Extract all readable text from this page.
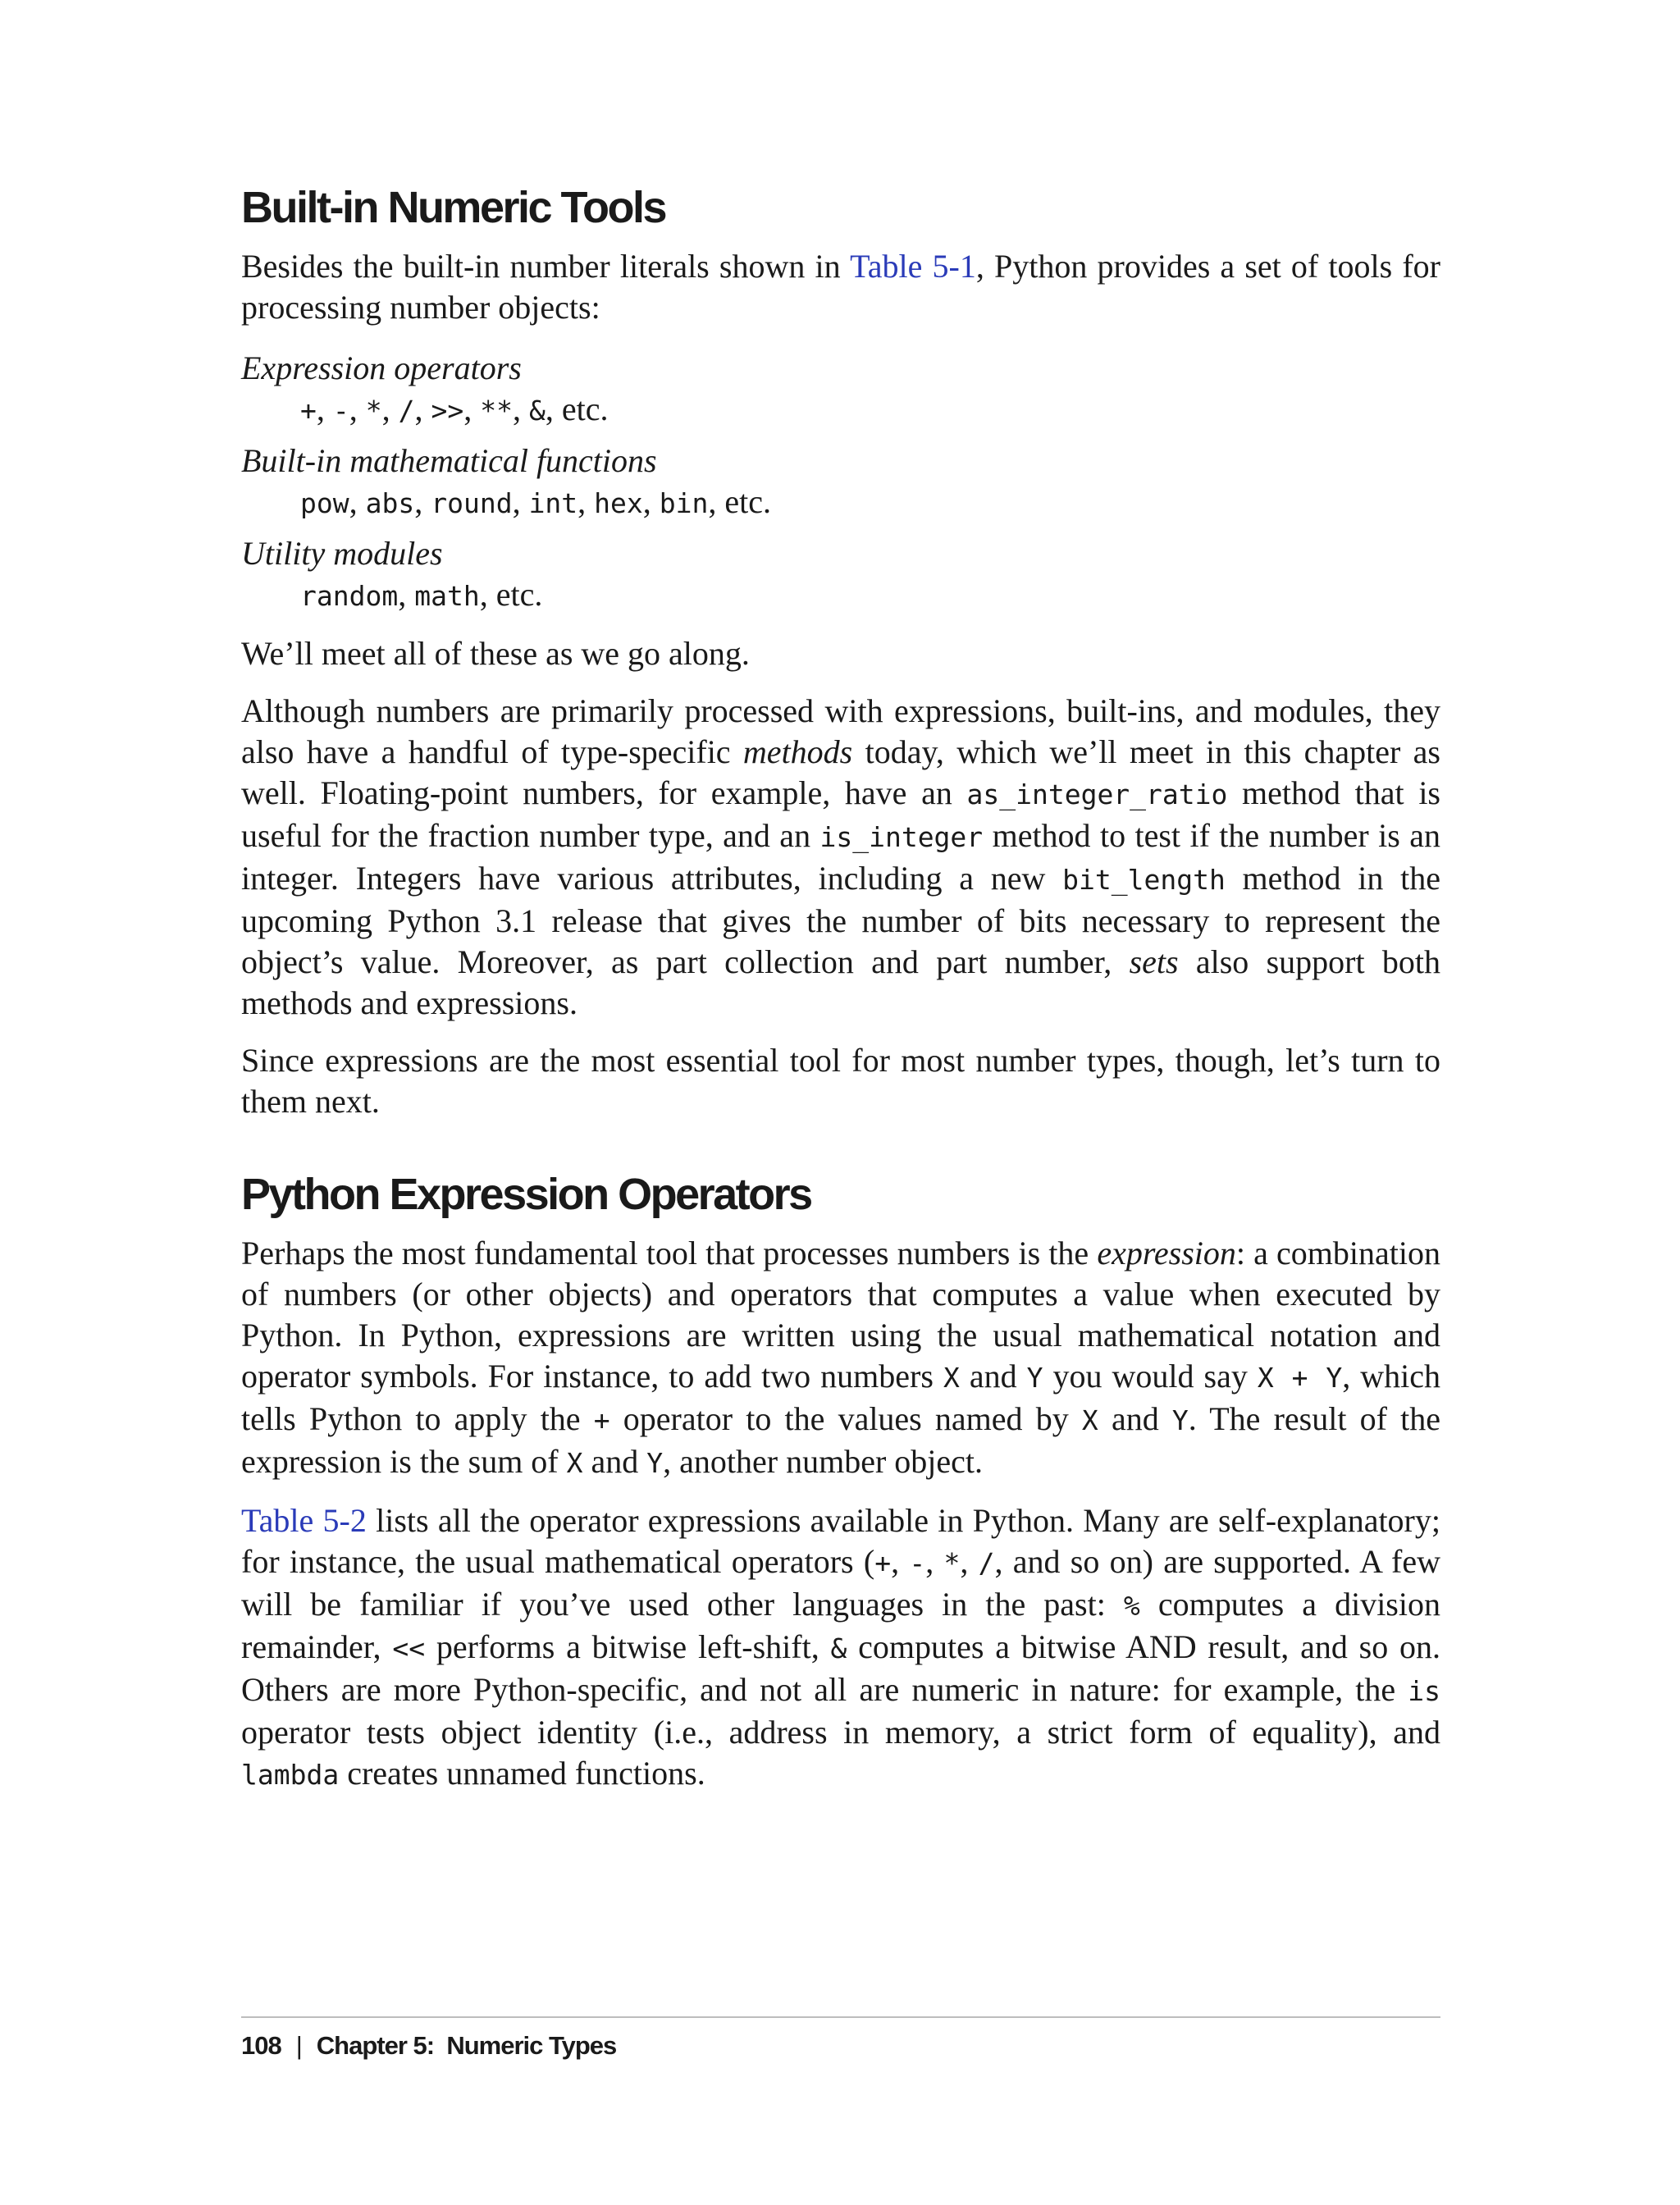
Built-in Numeric Tools

Besides the built-in number literals shown in Table 5-1, Python provides a set of tools for processing number objects:

Expression operators
+, -, *, /, >>, **, &, etc.
Built-in mathematical functions
pow, abs, round, int, hex, bin, etc.
Utility modules
random, math, etc.

We’ll meet all of these as we go along.

Although numbers are primarily processed with expressions, built-ins, and modules, they also have a handful of type-specific methods today, which we’ll meet in this chapter as well. Floating-point numbers, for example, have an as_integer_ratio method that is useful for the fraction number type, and an is_integer method to test if the number is an integer. Integers have various attributes, including a new bit_length method in the upcoming Python 3.1 release that gives the number of bits necessary to represent the object’s value. Moreover, as part collection and part number, sets also support both methods and expressions.

Since expressions are the most essential tool for most number types, though, let’s turn to them next.

Python Expression Operators

Perhaps the most fundamental tool that processes numbers is the expression: a combination of numbers (or other objects) and operators that computes a value when executed by Python. In Python, expressions are written using the usual mathematical notation and operator symbols. For instance, to add two numbers X and Y you would say X + Y, which tells Python to apply the + operator to the values named by X and Y. The result of the expression is the sum of X and Y, another number object.

Table 5-2 lists all the operator expressions available in Python. Many are self-explanatory; for instance, the usual mathematical operators (+, -, *, /, and so on) are supported. A few will be familiar if you’ve used other languages in the past: % computes a division remainder, << performs a bitwise left-shift, & computes a bitwise AND result, and so on. Others are more Python-specific, and not all are numeric in nature: for example, the is operator tests object identity (i.e., address in memory, a strict form of equality), and lambda creates unnamed functions.

108 | Chapter 5:  Numeric Types
